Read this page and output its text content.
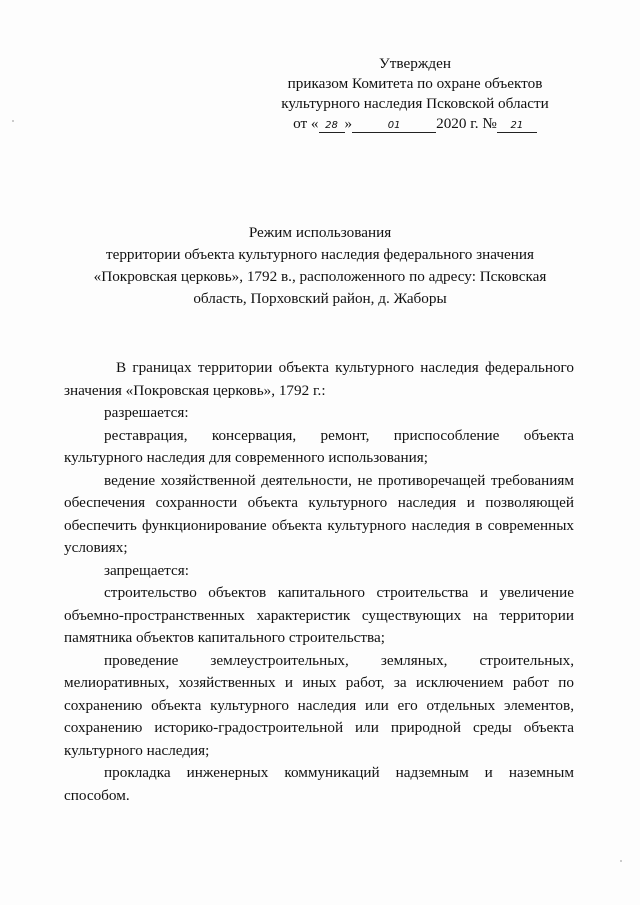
Утвержден
приказом Комитета по охране объектов
культурного наследия Псковской области
от « 28 »	01 2020 г. № 21
Режим использования
территории объекта культурного наследия федерального значения
«Покровская церковь», 1792 в., расположенного по адресу: Псковская
область, Порховский район, д. Жаборы

В границах территории объекта культурного наследия федерального

значения «Покровская церковь», 1792 г.:

разрешается:

реставрация, консервация, ремонт, приспособление объекта культурного наследия для современного использования;

ведение хозяйственной деятельности, не противоречащей требованиям обеспечения сохранности объекта культурного наследия и позволяющей обеспечить функционирование объекта культурного наследия в современных условиях;

запрещается:

строительство объектов капитального строительства и увеличение объемно-пространственных характеристик существующих на территории памятника объектов капитального строительства;

проведение землеустроительных, земляных, строительных, мелиоративных, хозяйственных и иных работ, за исключением работ по сохранению объекта культурного наследия или его отдельных элементов, сохранению историко-градостроительной или природной среды объекта культурного наследия;

прокладка инженерных коммуникаций надземным и наземным способом.
